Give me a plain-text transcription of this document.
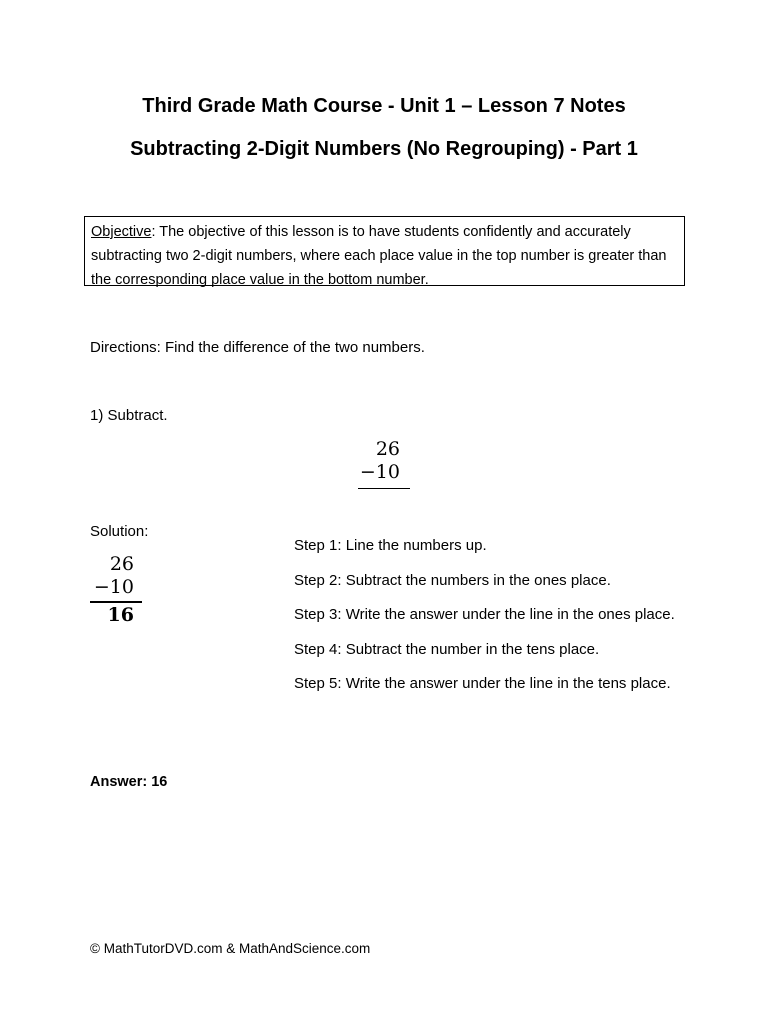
Third Grade Math Course - Unit 1 – Lesson 7 Notes
Subtracting 2-Digit Numbers (No Regrouping) - Part 1
Objective: The objective of this lesson is to have students confidently and accurately subtracting two 2-digit numbers, where each place value in the top number is greater than the corresponding place value in the bottom number.
Directions: Find the difference of the two numbers.
1) Subtract.
26
−10
Solution:
26
−10
16
Step 1: Line the numbers up.
Step 2: Subtract the numbers in the ones place.
Step 3: Write the answer under the line in the ones place.
Step 4: Subtract the number in the tens place.
Step 5: Write the answer under the line in the tens place.
Answer: 16
© MathTutorDVD.com & MathAndScience.com
